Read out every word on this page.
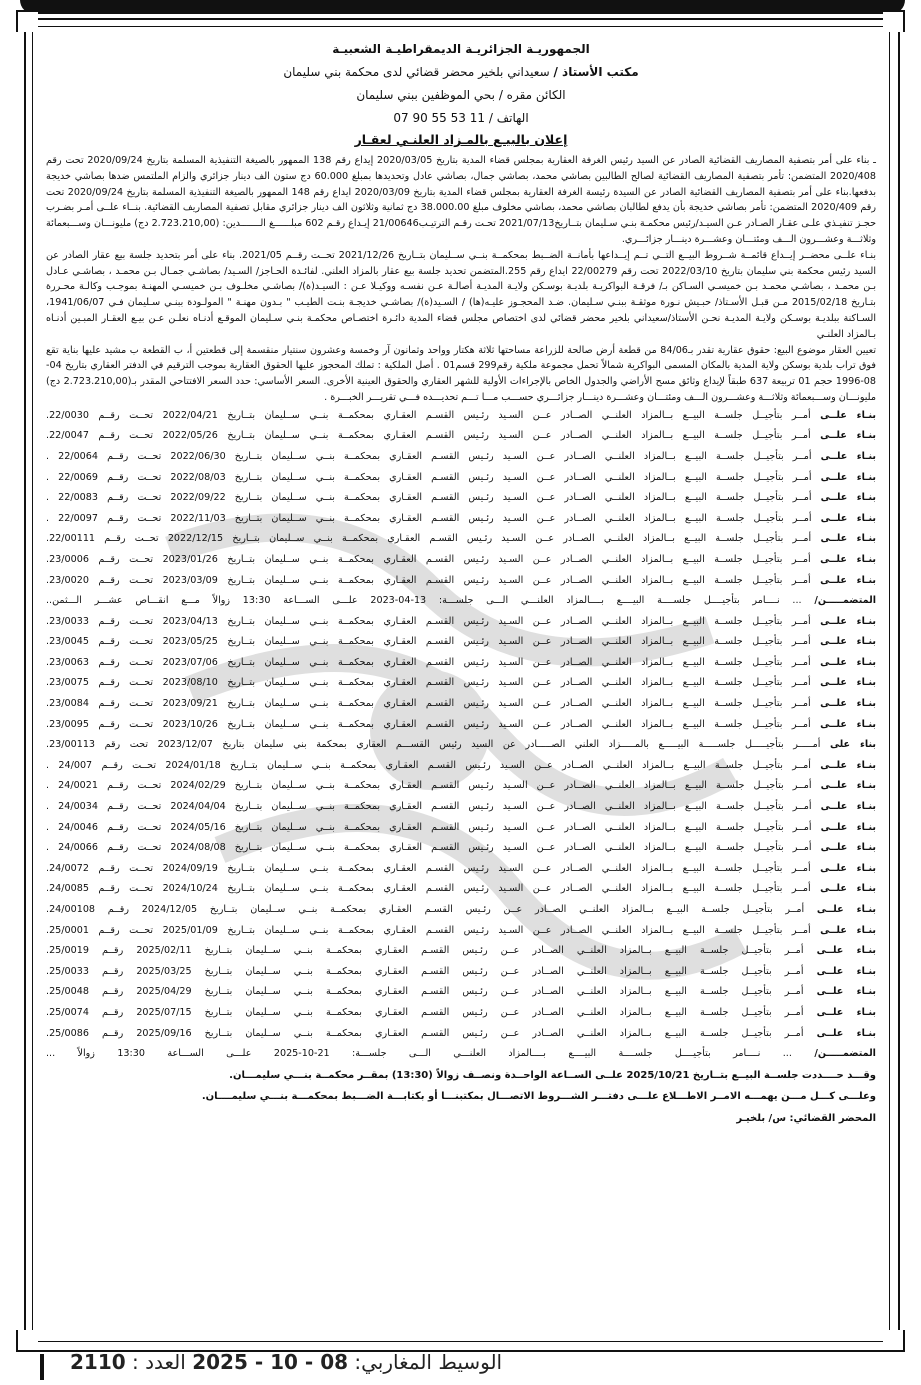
الجمهوريـة الجزائريـة الديمقراطيـة الشعبيـة
مكتب الأستاذ / سعيداني بلخير محضر قضائي لدى محكمة بني سليمان
الكائن مقره / بحي الموظفين ببني سليمان
الهاتف / 11 53 55 90 07
إعلان بالبيـع بالمـزاد العلنـي لعقـار

ـ بناء على أمر بتصفية المصاريف القضائية الصادر عن السيد رئيس الغرفة العقارية بمجلس قضاء المدية بتاريخ 2020/03/05 إيداع رقم 138 الممهور بالصيغة التنفيذية المسلمة بتاريخ 2020/09/24 تحت رقم 2020/408 المتضمن: تأمر بتصفية المصاريف القضائية لصالح الطالبين بصاشي محمد، بصاشي جمال، بصاشي عادل وتحديدها بمبلغ 60.000 دج ستون الف دينار جزائري والزام الملتمس ضدها بصاشي خديجة بدفعها.بناء على أمر بتصفية المصاريف القضائية الصادر عن السيدة رئيسة الغرفة العقارية بمجلس قضاء المدية بتاريخ 2020/03/09 ايداع رقم 148 الممهور بالصيغة التنفيذية المسلمة بتاريخ 2020/09/24 تحت رقم 2020/409 المتضمن: تأمر بصاشي خديجة بأن يدفع لطالبان بصاشي محمد، بصاشي مخلوف مبلغ 38.000.00 دج ثمانية وثلاثون الف دينار جزائري مقابل تصفية المصاريف القضائية. بنــاء علــى أمـر بضـرب حجـز تنفيـذي علـى عقـار الصـادر عـن السيـد/رئيس محكمـة بنـي سـليمان بتــاريخ2021/07/13 تحـت رقـم الترتيـب21/00646 إيـداع رقـم 602 مبلــــــغ الـــــــدين: (2.723.210,00 دج) مليونـــان وســـبعمائة وثلاثـــة وعشـــرون الـــف ومئتـــان وعشـــرة دينـــار جزائـــري.

بنـاء علــى محضــر إيــداع قائمــة شــروط البيــع التــي تــم إيــداعها بأمانــة الضــبط بمحكمــة بنــي ســليمان بتــاريخ 2021/12/26 تحــت رقــم 2021/05. بناء على أمر بتحديد جلسة بيع عقار الصادر عن السيد رئيس محكمة بني سليمان بتاريخ 2022/03/10 تحت رقم 22/00279 ايداع رقم 255.المتضمن تحديد جلسة بيع عقار بالمزاد العلني. لفائـدة الحـاجز/ السـيد/ بصاشـي جمـال بـن محمـد ، بصاشـي عـادل بـن محمـد ، بصاشـي محمـد بـن خميسـي السـاكن بـ/ فرقـة البواكريـة بلديـة بوسـكن ولايـة المديـة أصالـة عـن نفسـه ووكيـلا عـن : السيـد(ة)/ بصاشـي مخلـوف بـن خميسـي المهنـة بموجـب وكالـة محـررة بتـاريخ 2015/02/18 مـن قبـل الأسـتاذ/ حبـيش نـورة موثقـة ببنـي سـليمان. ضـد المحجـوز عليـه(ها) / السـيد(ة)/ بصاشـي خديجـة بنـت الطيـب " بـدون مهنـة " المولـودة ببنـي سـليمان فـي 1941/06/07، السـاكنة ببلديـة بوسـكن ولايـة المديـة نحـن الأستاذ/سعيداني بلخير محضر قضائي لدى اختصاص مجلس قضاء المدية دائـرة اختصـاص محكمـة بنـي سـليمان الموقـع أدنـاه نعلـن عـن بيـع العقـار المبـين أدنـاه بـالمزاد العلنـي

تعيين العقار موضوع البيع: حقوق عقارية تقدر بـ84/06 من قطعة أرض صالحة للزراعة مساحتها ثلاثة هكتار وواحد وثمانون آر وخمسة وعشرون سنتيار منقسمة إلى قطعتين أ، ب القطعة ب مشيد عليها بناية تقع فوق تراب بلدية بوسكن ولاية المدية بالمكان المسمى البواكرية شمالاً تحمل مجموعة ملكية رقم299 قسم01 . أصل الملكية : تملك المحجوز عليها الحقوق العقارية بموجب الترقيم في الدفتر العقاري بتاريخ 04-08-1996 حجم 01 تربيعة 637 طبقاً لإيداع وثائق مسح الأراضي والجدول الخاص بالإجراءات الأولية للشهر العقاري والحقوق العينية الأخرى. السعر الأساسي: حدد السعر الافتتاحي المقدر بـ(2.723.210,00 دج) مليونـــان وســـبعمائة وثلاثـــة وعشـــرون الـــف ومئتـــان وعشـــرة دينـــار جزائـــري حســـب مـــا تـــم تحديـــده فـــي تقريـــر الخبـــرة .

بنـاء علــى أمــر بتأجيــل جلســة البيــع بــالمزاد العلنــي الصــادر عــن السـيد رئـيس القسـم العقـاري بمحكمــة بنــي ســليمان بتــاريخ 2022/04/21 تحــت رقــم 22/0030.

بنـاء علــى أمــر بتأجيــل جلســة البيــع بــالمزاد العلنــي الصــادر عــن السـيد رئـيس القسـم العقـاري بمحكمــة بنــي ســليمان بتــاريخ 2022/05/26 تحــت رقــم 22/0047.

بنـاء علــى أمــر بتأجيــل جلســة البيــع بــالمزاد العلنــي الصــادر عــن السـيد رئـيس القسـم العقـاري بمحكمــة بنــي ســليمان بتــاريخ 2022/06/30 تحــت رقــم 22/0064 .

بنـاء علــى أمــر بتأجيــل جلســة البيــع بــالمزاد العلنــي الصــادر عــن السـيد رئـيس القسـم العقـاري بمحكمــة بنــي ســليمان بتــاريخ 2022/08/03 تحــت رقــم 22/0069 .

بنـاء علــى أمــر بتأجيــل جلســة البيــع بــالمزاد العلنــي الصــادر عــن السـيد رئـيس القسـم العقـاري بمحكمــة بنــي ســليمان بتــاريخ 2022/09/22 تحــت رقــم 22/0083 .

بنـاء علــى أمــر بتأجيــل جلســة البيــع بــالمزاد العلنــي الصــادر عــن السـيد رئـيس القسـم العقـاري بمحكمــة بنــي ســليمان بتــاريخ 2022/11/03 تحــت رقــم 22/0097 .

بنـاء علــى أمــر بتأجيــل جلســة البيــع بــالمزاد العلنــي الصــادر عــن السـيد رئـيس القسـم العقـاري بمحكمــة بنــي ســليمان بتــاريخ 2022/12/15 تحــت رقــم 22/00111.

بنـاء علــى أمــر بتأجيــل جلســة البيــع بــالمزاد العلنــي الصــادر عــن السـيد رئـيس القسـم العقـاري بمحكمــة بنــي ســليمان بتــاريخ 2023/01/26 تحــت رقــم 23/0006.

بنـاء علــى أمــر بتأجيــل جلســة البيــع بــالمزاد العلنــي الصــادر عــن السـيد رئـيس القسـم العقـاري بمحكمــة بنــي ســليمان بتــاريخ 2023/03/09 تحــت رقــم 23/0020.

المتضمـــــن/ ... نــــامر بتأجيــــل جلســــة البيــــع بــــالمزاد العلنـــي الـــى جلســـة: 13-04-2023 علـــى الســـاعة 13:30 زوالاً مـــع انقـــاص عشـــر الـــثمن..

بنـاء علــى أمــر بتأجيــل جلســة البيــع بــالمزاد العلنــي الصــادر عــن السـيد رئـيس القسـم العقـاري بمحكمــة بنــي ســليمان بتــاريخ 2023/04/13 تحــت رقــم 23/0033.

بنـاء علــى أمــر بتأجيــل جلســة البيــع بــالمزاد العلنــي الصــادر عــن السـيد رئـيس القسـم العقـاري بمحكمــة بنــي ســليمان بتــاريخ 2023/05/25 تحــت رقــم 23/0045.

بنـاء علــى أمــر بتأجيــل جلســة البيــع بــالمزاد العلنــي الصــادر عــن السـيد رئـيس القسـم العقـاري بمحكمــة بنــي ســليمان بتــاريخ 2023/07/06 تحــت رقــم 23/0063.

بنـاء علــى أمــر بتأجيــل جلســة البيــع بــالمزاد العلنــي الصــادر عــن السـيد رئـيس القسـم العقـاري بمحكمــة بنــي ســليمان بتــاريخ 2023/08/10 تحــت رقــم 23/0075.

بنـاء علــى أمــر بتأجيــل جلســة البيــع بــالمزاد العلنــي الصــادر عــن السـيد رئـيس القسـم العقـاري بمحكمــة بنــي ســليمان بتــاريخ 2023/09/21 تحــت رقــم 23/0084.

بنـاء علــى أمــر بتأجيــل جلســة البيــع بــالمزاد العلنــي الصــادر عــن السـيد رئـيس القسـم العقـاري بمحكمــة بنــي ســليمان بتــاريخ 2023/10/26 تحــت رقــم 23/0095.

بناء على أمـــــر بتأجيـــــل جلســـــة البيـــــع بالمـــــزاد العلني الصـــــادر عن السيد رئيس القســـم العقاري بمحكمة بني سليمان بتاريخ 2023/12/07 تحت رقم 23/00113.

بنـاء علــى أمــر بتأجيــل جلســة البيــع بــالمزاد العلنــي الصــادر عــن السـيد رئـيس القسـم العقـاري بمحكمــة بنــي ســليمان بتــاريخ 2024/01/18 تحــت رقــم 24/007 .

بنـاء علــى أمــر بتأجيــل جلســة البيــع بــالمزاد العلنــي الصــادر عــن السـيد رئـيس القسـم العقـاري بمحكمــة بنــي ســليمان بتــاريخ 2024/02/29 تحــت رقــم 24/0021 .

بنـاء علــى أمــر بتأجيــل جلســة البيــع بــالمزاد العلنــي الصــادر عــن السـيد رئـيس القسـم العقـاري بمحكمــة بنــي ســليمان بتــاريخ 2024/04/04 تحــت رقــم 24/0034 .

بنـاء علــى أمــر بتأجيــل جلســة البيــع بــالمزاد العلنــي الصــادر عــن السـيد رئـيس القسـم العقـاري بمحكمــة بنــي ســليمان بتــاريخ 2024/05/16 تحــت رقــم 24/0046 .

بنـاء علــى أمــر بتأجيــل جلســة البيــع بــالمزاد العلنــي الصــادر عــن السـيد رئـيس القسـم العقـاري بمحكمــة بنــي ســليمان بتــاريخ 2024/08/08 تحــت رقــم 24/0066 .

بنـاء علــى أمــر بتأجيــل جلســة البيــع بــالمزاد العلنــي الصــادر عــن السـيد رئـيس القسـم العقـاري بمحكمــة بنــي ســليمان بتــاريخ 2024/09/19 تحــت رقــم 24/0072.

بنـاء علــى أمــر بتأجيــل جلســة البيــع بــالمزاد العلنــي الصــادر عــن السـيد رئـيس القسـم العقـاري بمحكمــة بنــي ســليمان بتــاريخ 2024/10/24 تحــت رقــم 24/0085.

بنـاء علــى أمــر بتأجيــل جلســة البيــع بــالمزاد العلنــي الصــادر عــن رئـيس القسـم العقـاري بمحكمــة بنــي ســليمان بتــاريخ 2024/12/05 رقــم 24/00108.

بنـاء علــى أمــر بتأجيــل جلســة البيــع بــالمزاد العلنــي الصــادر عــن السـيد رئـيس القسـم العقـاري بمحكمــة بنــي ســليمان بتــاريخ 2025/01/09 تحــت رقــم 25/0001.

بنـاء علــى أمــر بتأجيــل جلســة البيــع بــالمزاد العلنــي الصــادر عــن رئـيس القسـم العقـاري بمحكمــة بنــي ســليمان بتــاريخ 2025/02/11 رقــم 25/0019.

بنـاء علــى أمــر بتأجيــل جلســة البيــع بــالمزاد العلنــي الصــادر عــن رئـيس القسـم العقـاري بمحكمــة بنــي ســليمان بتــاريخ 2025/03/25 رقــم 25/0033.

بنـاء علــى أمــر بتأجيــل جلســة البيــع بــالمزاد العلنــي الصــادر عــن رئـيس القسـم العقـاري بمحكمــة بنــي ســليمان بتــاريخ 2025/04/29 رقــم 25/0048.

بنـاء علــى أمــر بتأجيــل جلســة البيــع بــالمزاد العلنــي الصــادر عــن رئـيس القسـم العقـاري بمحكمــة بنــي ســليمان بتــاريخ 2025/07/15 رقــم 25/0074.

بنـاء علــى أمــر بتأجيــل جلســة البيــع بــالمزاد العلنــي الصــادر عــن رئـيس القسـم العقـاري بمحكمــة بنــي ســليمان بتــاريخ 2025/09/16 رقــم 25/0086.

المتضمـــــن/ ... نــــامر بتأجيــــل جلســــة البيــــع بــــالمزاد العلنـــي الـــى جلســـة: 21-10-2025 علـــى الســـاعة 13:30 زوالاً ...

وقـــد حــــددت جلســة البيــع بتــاريخ 2025/10/21 علــى الســاعة الواحــدة ونصــف زوالاً (13:30) بمقــر محكمــة بنـــي سليمـــان.

وعلـــى كـــل مـــن يهمـــه الامــر الاطـــلاع علـــى دفتـــر الشـــروط الاتصـــال بمكتبنـــا أو بكتابـــة الضـــبط بمحكمـــة بنـــي سليمــــان.

المحضر القضائي: س/ بلخيـر

الوسيط المغاربي: 08 - 10 - 2025 العدد : 2110
